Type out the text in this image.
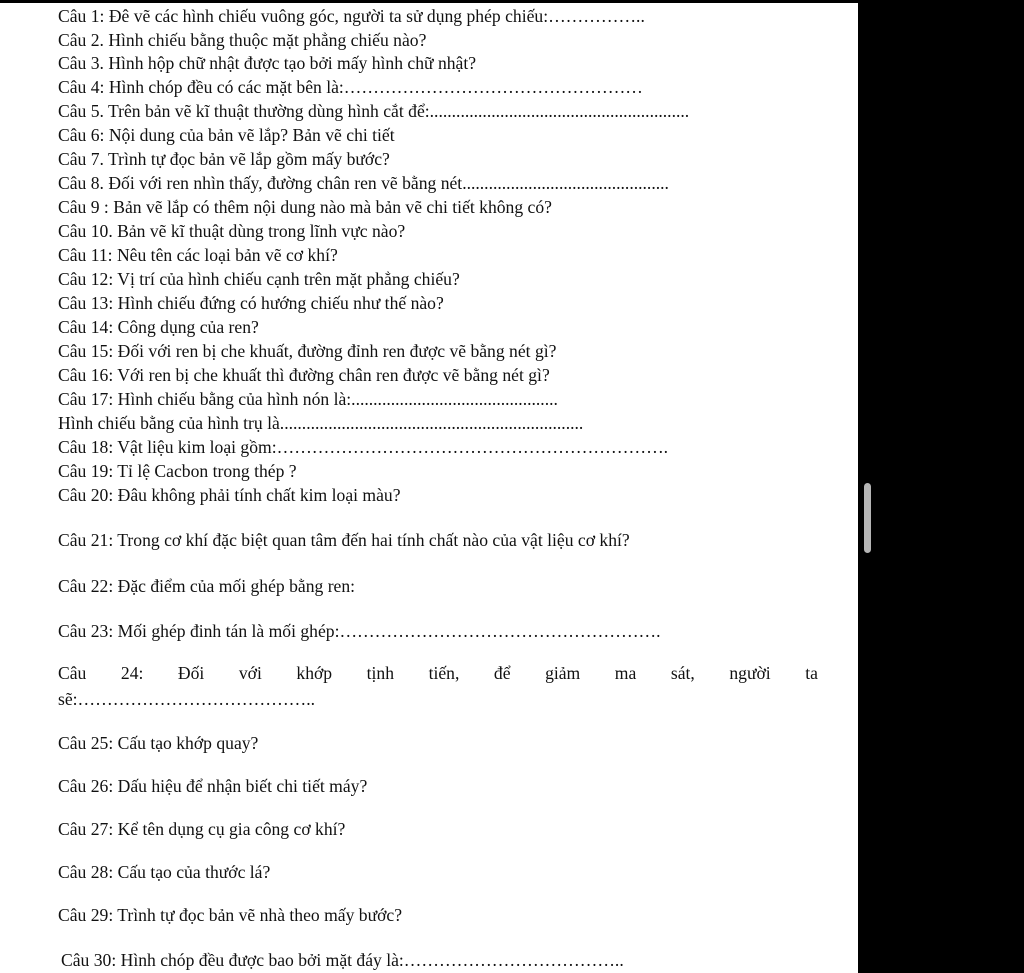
Câu 1: Đê vẽ các hình chiếu vuông góc, người ta sử dụng phép chiếu:……………..
Câu 2. Hình chiếu bằng thuộc mặt phẳng chiếu nào?
Câu 3. Hình hộp chữ nhật được tạo bởi mấy hình chữ nhật?
Câu 4: Hình chóp đều có các mặt bên là:……………………………………………
Câu 5. Trên bản vẽ kĩ thuật thường dùng hình cắt để:...........................................................
Câu 6: Nội dung của bản vẽ lắp? Bản vẽ chi tiết
Câu 7. Trình tự đọc bản vẽ lắp gồm mấy bước?
Câu 8. Đối với ren nhìn thấy, đường chân ren vẽ bằng nét...............................................
Câu 9 : Bản vẽ lắp có thêm nội dung nào mà bản vẽ chi tiết không có?
Câu 10. Bản vẽ kĩ thuật dùng trong lĩnh vực nào?
Câu 11: Nêu tên các loại bản vẽ cơ khí?
Câu 12: Vị trí của hình chiếu cạnh trên mặt phẳng chiếu?
Câu 13: Hình chiếu đứng có hướng chiếu như thế nào?
Câu 14: Công dụng của ren?
Câu 15: Đối với ren bị che khuất, đường đỉnh ren được vẽ bằng nét gì?
Câu 16: Với ren bị che khuất thì đường chân ren được vẽ bằng nét gì?
Câu 17: Hình chiếu bằng của hình nón là:...............................................
Hình chiếu bằng của hình trụ là.....................................................................
Câu 18: Vật liệu kim loại gồm:………………………………………………………….
Câu 19: Tỉ lệ Cacbon trong thép ?
Câu 20: Đâu không phải tính chất kim loại màu?
Câu 21: Trong cơ khí đặc biệt quan tâm đến hai tính chất nào của vật liệu cơ khí?
Câu 22: Đặc điểm của mối ghép bằng ren:
Câu 23: Mối ghép đinh tán là mối ghép:……………………………………………….
Câu 24: Đối với khớp tịnh tiến, để giảm ma sát, người ta
sẽ:…………………………………..
Câu 25: Cấu tạo khớp quay?
Câu 26: Dấu hiệu để nhận biết chi tiết máy?
Câu 27: Kể tên dụng cụ gia công cơ khí?
Câu 28: Cấu tạo của thước lá?
Câu 29: Trình tự đọc bản vẽ nhà theo mấy bước?
Câu 30: Hình chóp đều được bao bởi mặt đáy là:………………………………..
